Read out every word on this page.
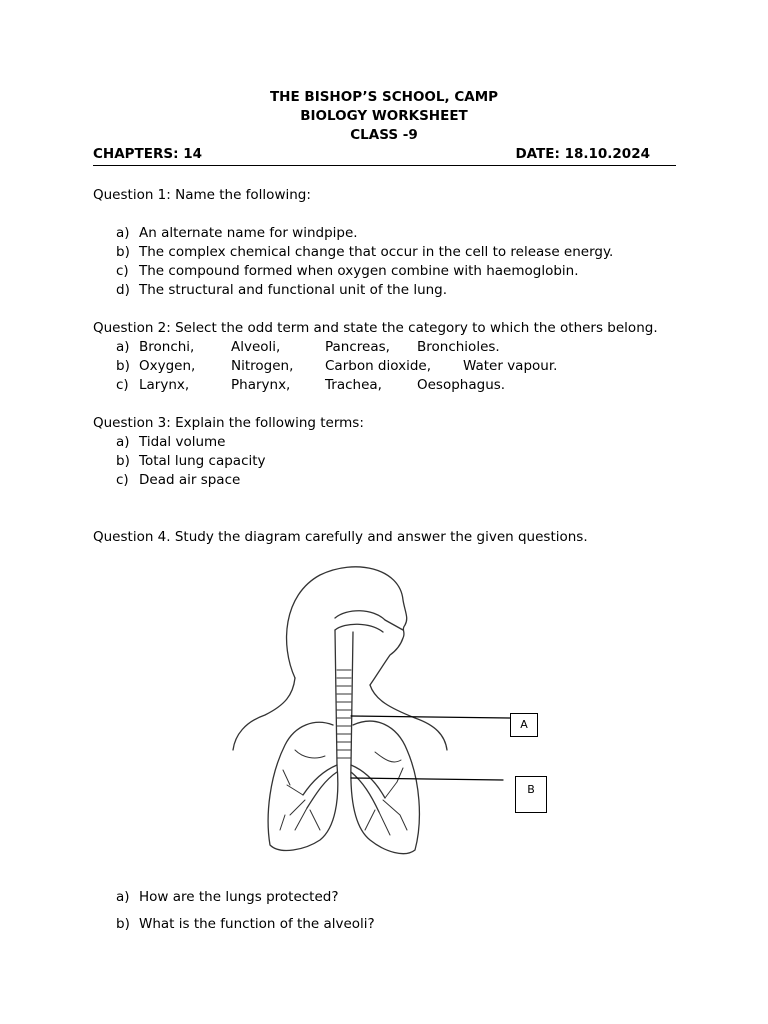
THE BISHOP’S SCHOOL, CAMP
BIOLOGY WORKSHEET
CLASS -9
CHAPTERS: 14	DATE: 18.10.2024
Question 1: Name the following:
a) An alternate name for windpipe.
b) The complex chemical change that occur in the cell to release energy.
c) The compound formed when oxygen combine with haemoglobin.
d) The structural and functional unit of the lung.
Question 2: Select the odd term and state the category to which the others belong.
a) Bronchi,	Alveoli,	Pancreas, Bronchioles.
b) Oxygen,	Nitrogen, Carbon dioxide, Water vapour.
c) Larynx,	Pharynx,	Trachea,	Oesophagus.
Question 3: Explain the following terms:
a) Tidal volume
b) Total lung capacity
c) Dead air space
Question 4. Study the diagram carefully and answer the given questions.
A
B
a) How are the lungs protected?
b) What is the function of the alveoli?
